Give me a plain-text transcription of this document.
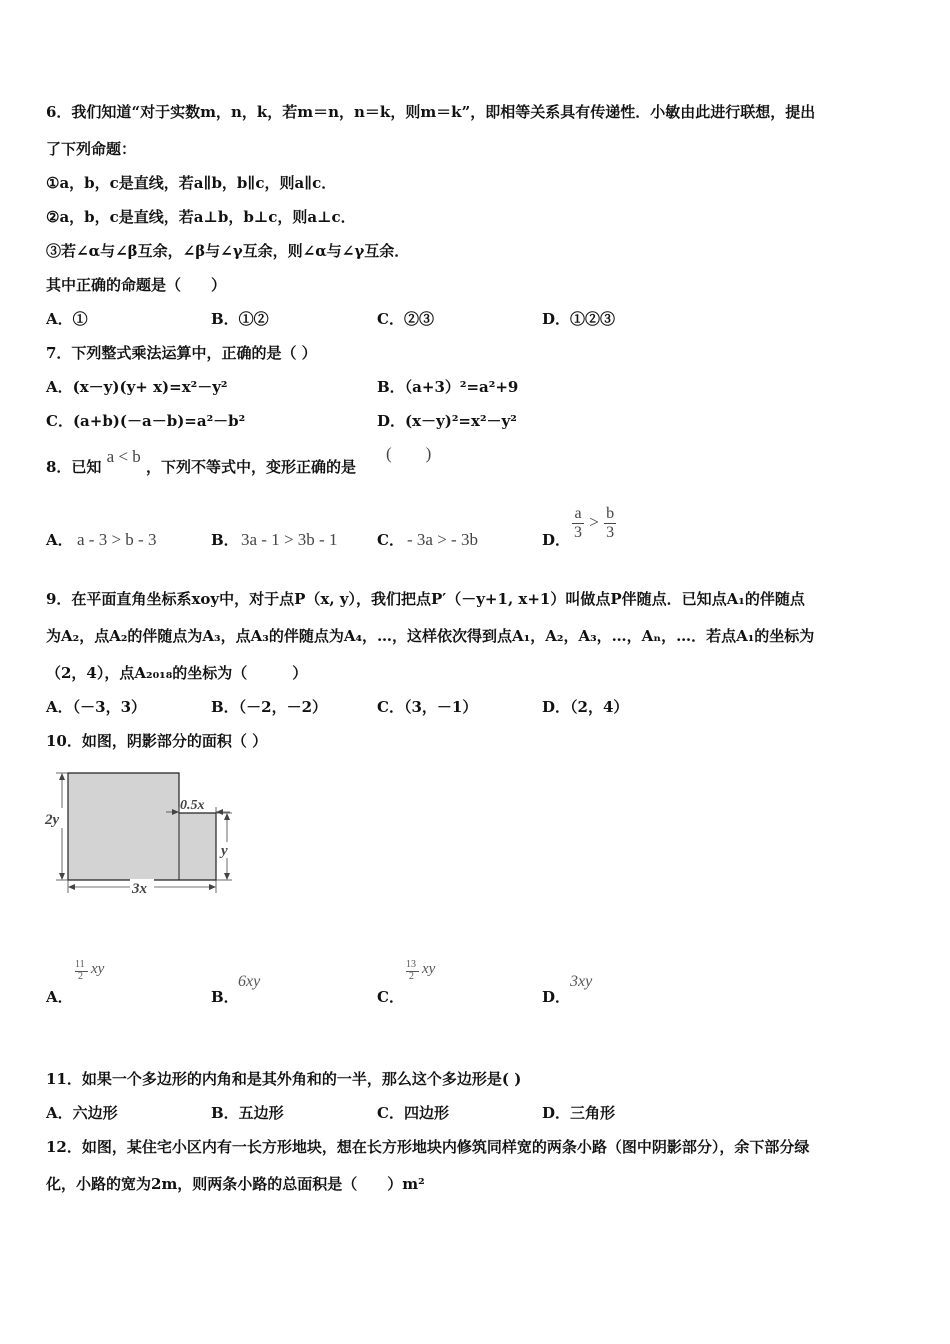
6．我们知道“对于实数m，n，k，若m＝n，n＝k，则m＝k”，即相等关系具有传递性．小敏由此进行联想，提出
了下列命题：
①a，b，c是直线，若a∥b，b∥c，则a∥c．
②a，b，c是直线，若a⊥b，b⊥c，则a⊥c．
③若∠α与∠β互余，∠β与∠γ互余，则∠α与∠γ互余．
其中正确的命题是（　　）
A．①	B．①②	C．②③	D．①②③
7．下列整式乘法运算中，正确的是（ ）
A．(x－y)(y+ x)=x²－y²	B．（a+3）²=a²+9
C．(a+b)(－a－b)=a²－b²	D．(x－y)²=x²－y²
8．已知 a < b ，下列不等式中，变形正确的是
(　　)
A． a - 3 > b - 3	B． 3a - 1 > 3b - 1	C． - 3a > - 3b	D． $\frac{a}{3} > \frac{b}{3}$
9．在平面直角坐标系xoy中，对于点P（x, y），我们把点P′（－y+1, x+1）叫做点P伴随点．已知点A₁的伴随点
为A₂，点A₂的伴随点为A₃，点A₃的伴随点为A₄，…，这样依次得到点A₁，A₂，A₃，…，Aₙ，…．若点A₁的坐标为
（2，4），点A₂₀₁₈的坐标为（　　　）
A．（－3，3）	B．（－2，－2）	C．（3，－1）	D．（2，4）
10．如图，阴影部分的面积（ ）
2y
0.5x
y
3x
A．
11
2 xy
B．
6xy
C．
13
2 xy
D．
3xy
11．如果一个多边形的内角和是其外角和的一半，那么这个多边形是( )
A．六边形	B．五边形	C．四边形	D．三角形
12．如图，某住宅小区内有一长方形地块，想在长方形地块内修筑同样宽的两条小路（图中阴影部分），余下部分绿
化，小路的宽为2m，则两条小路的总面积是（　　）m²
